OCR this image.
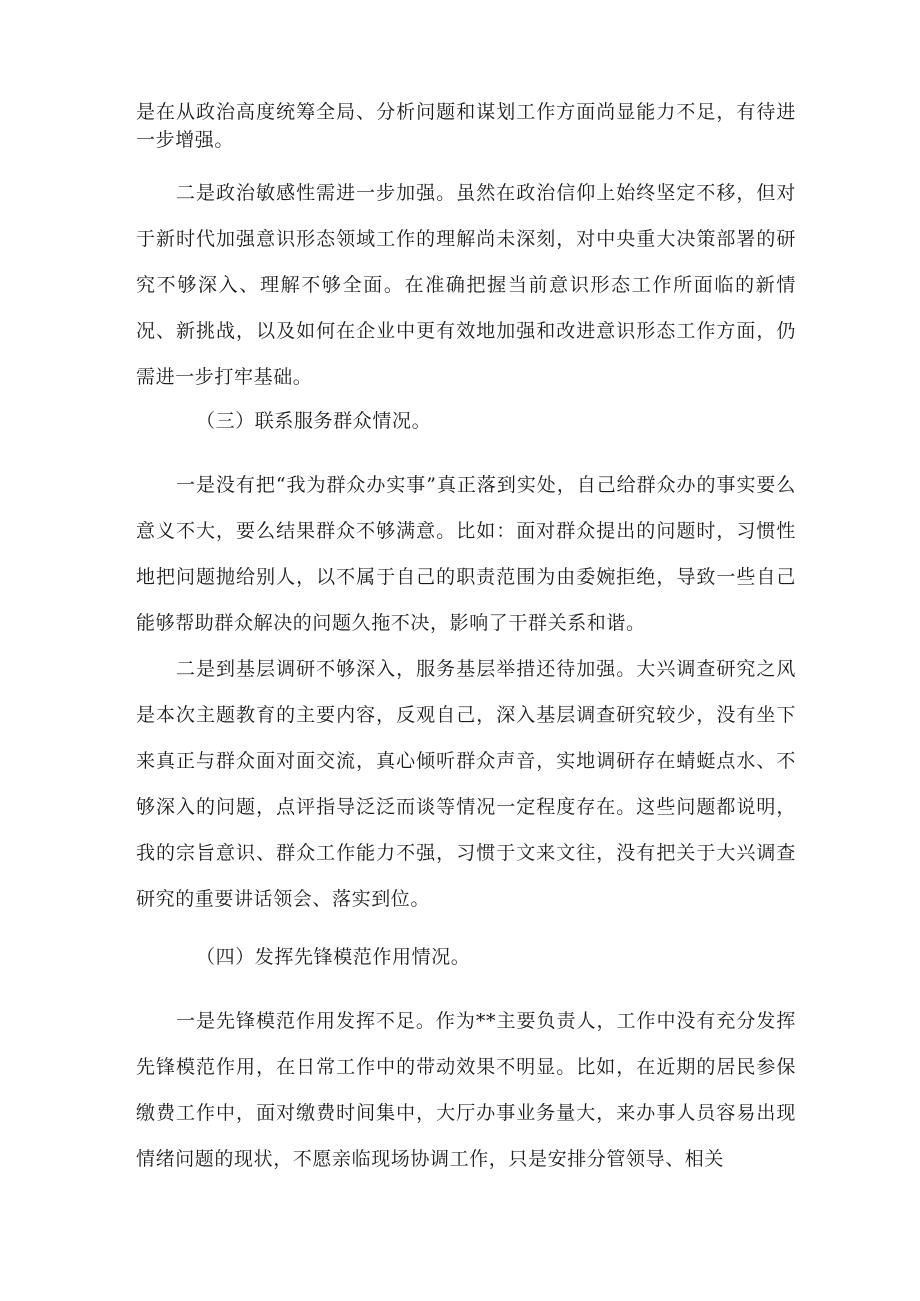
是在从政治高度统筹全局、分析问题和谋划工作方面尚显能力不足，有待进一步增强。

二是政治敏感性需进一步加强。虽然在政治信仰上始终坚定不移，但对于新时代加强意识形态领域工作的理解尚未深刻，对中央重大决策部署的研究不够深入、理解不够全面。在准确把握当前意识形态工作所面临的新情况、新挑战，以及如何在企业中更有效地加强和改进意识形态工作方面，仍需进一步打牢基础。

（三）联系服务群众情况。

一是没有把“我为群众办实事”真正落到实处，自己给群众办的事实要么意义不大，要么结果群众不够满意。比如：面对群众提出的问题时，习惯性地把问题抛给别人，以不属于自己的职责范围为由委婉拒绝，导致一些自己能够帮助群众解决的问题久拖不决，影响了干群关系和谐。

二是到基层调研不够深入，服务基层举措还待加强。大兴调查研究之风是本次主题教育的主要内容，反观自己，深入基层调查研究较少，没有坐下来真正与群众面对面交流，真心倾听群众声音，实地调研存在蜻蜓点水、不够深入的问题，点评指导泛泛而谈等情况一定程度存在。这些问题都说明，我的宗旨意识、群众工作能力不强，习惯于文来文往，没有把关于大兴调查研究的重要讲话领会、落实到位。

（四）发挥先锋模范作用情况。

一是先锋模范作用发挥不足。作为**主要负责人，工作中没有充分发挥先锋模范作用，在日常工作中的带动效果不明显。比如，在近期的居民参保缴费工作中，面对缴费时间集中，大厅办事业务量大，来办事人员容易出现情绪问题的现状，不愿亲临现场协调工作，只是安排分管领导、相关
